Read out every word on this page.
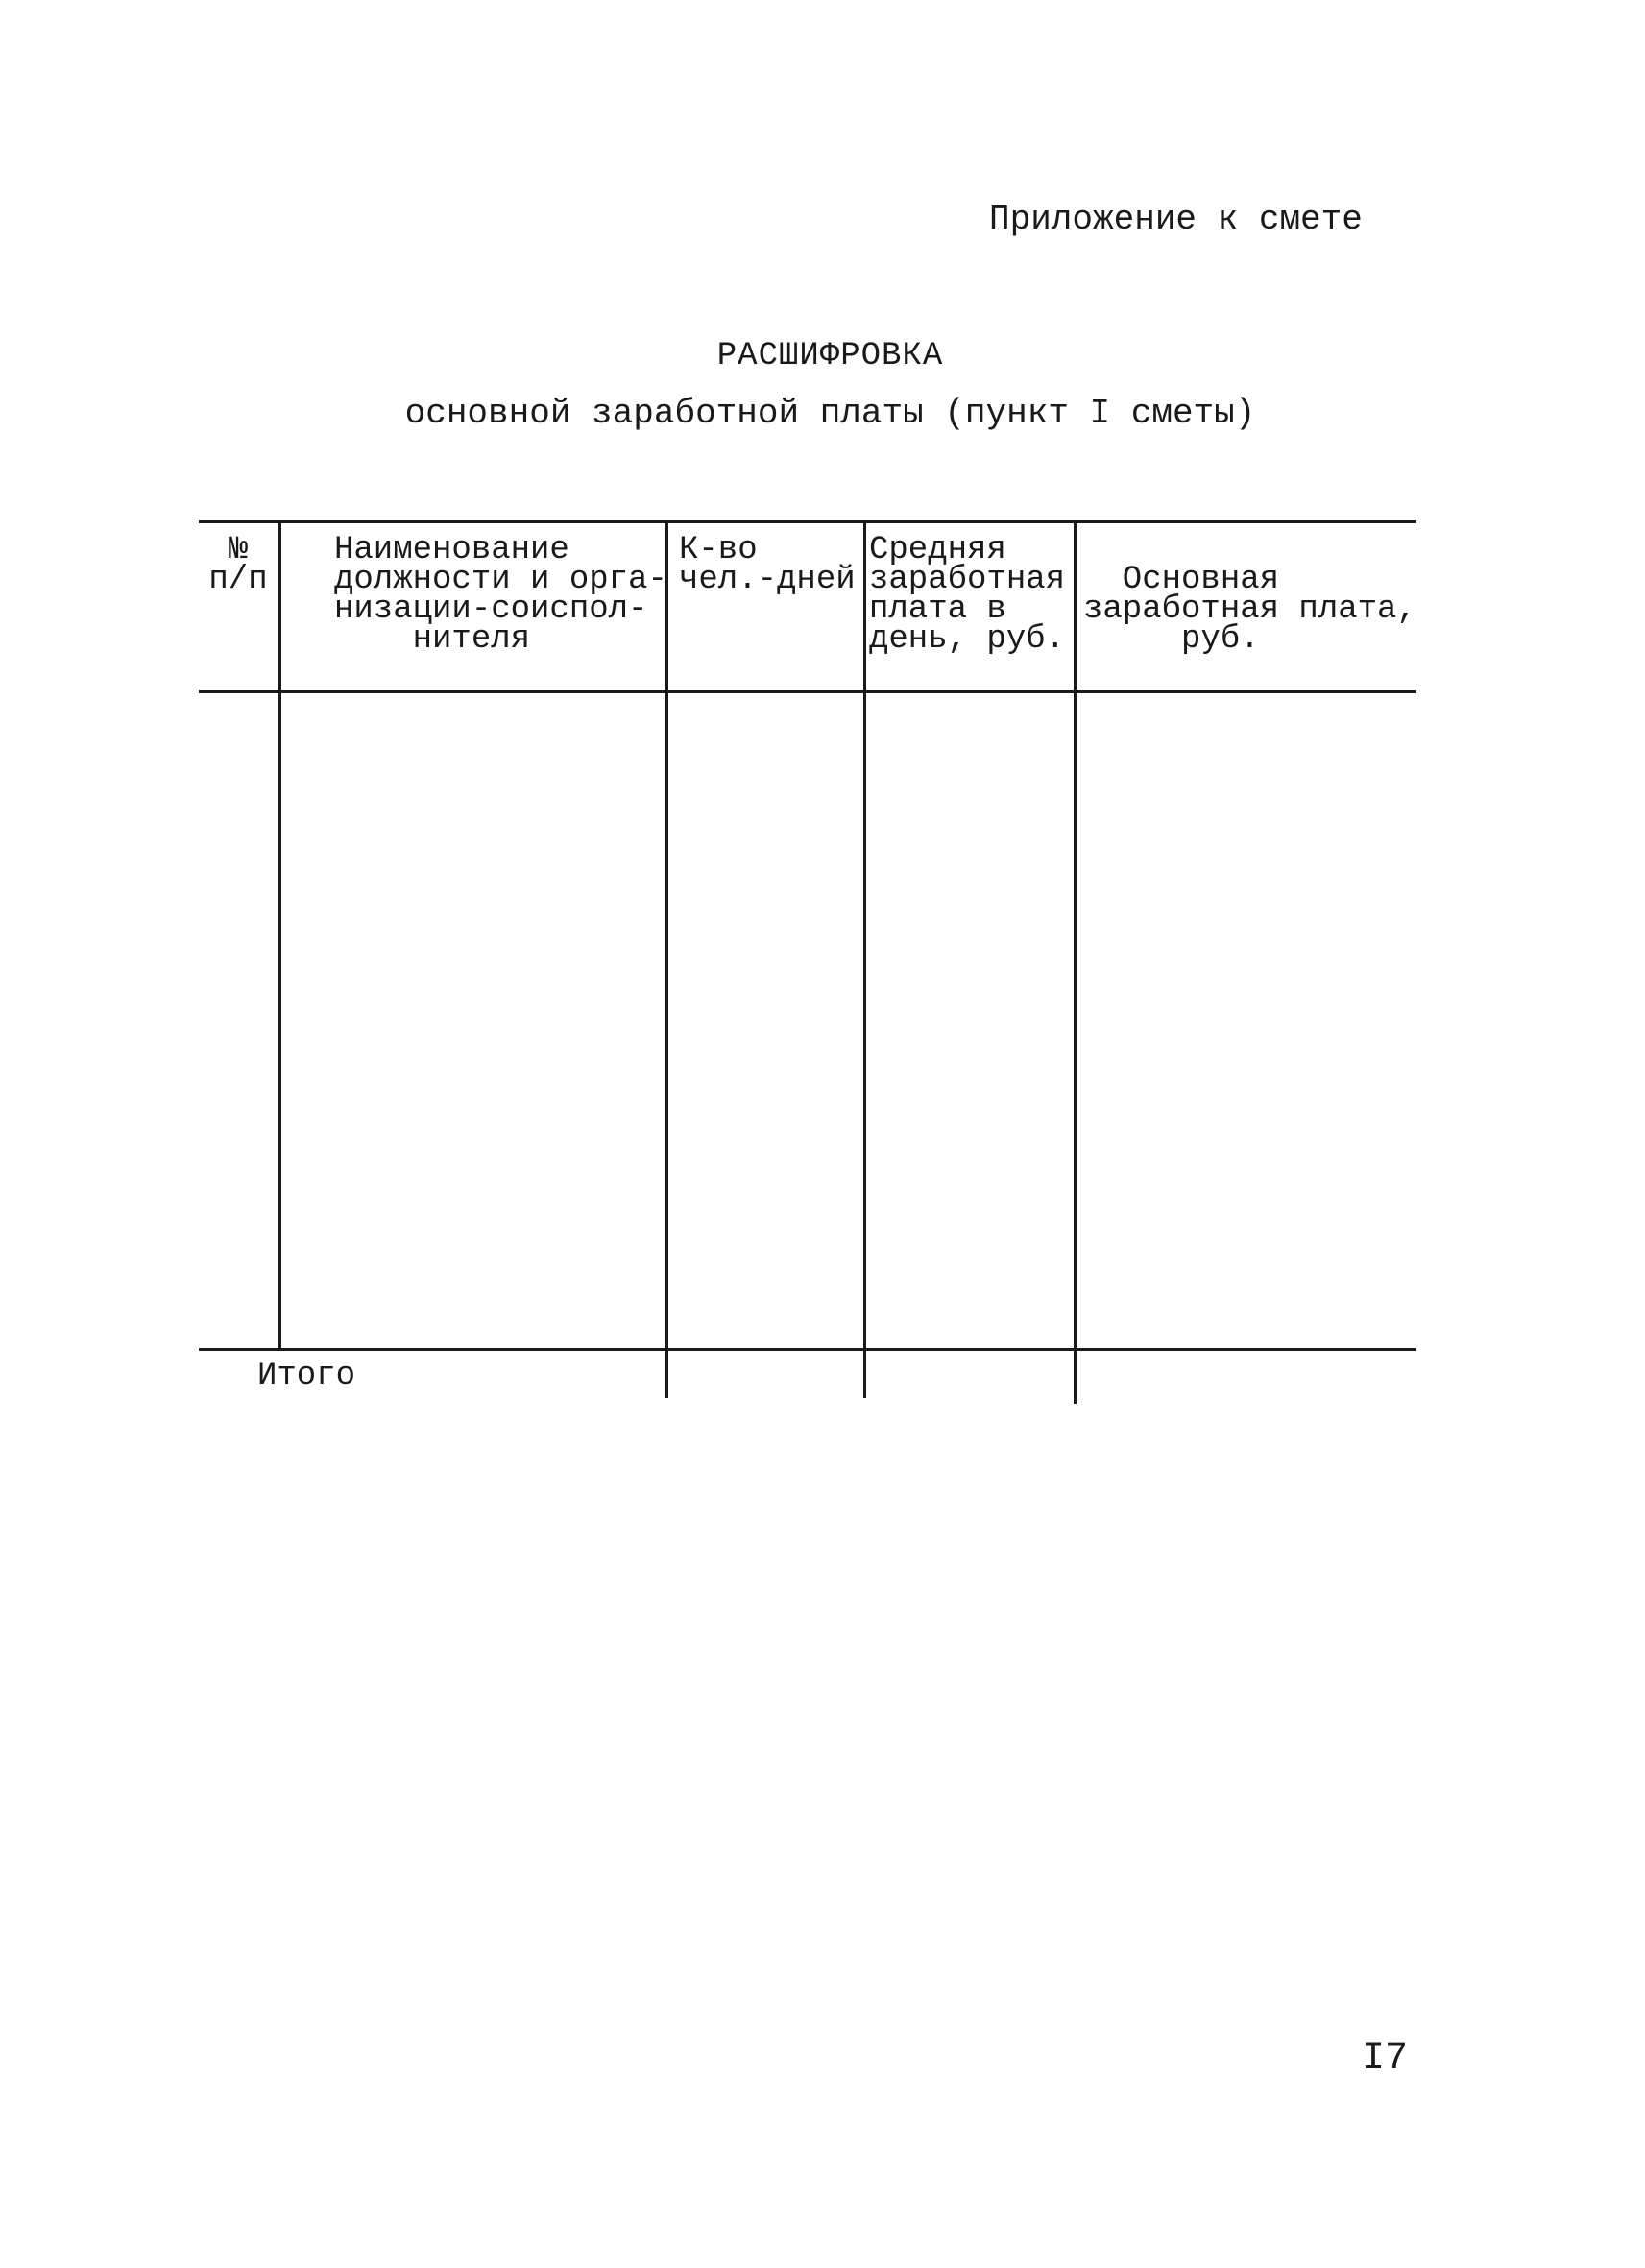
Приложение к смете
РАСШИФРОВКА
основной заработной платы (пункт I сметы)
№
п/п
Наименование
должности и орга-
низации-соиспол-
нителя
К-во
чел.-дней
Средняя
заработная
плата в
день, руб.
Основная
заработная плата,
руб.
Итого
I7
